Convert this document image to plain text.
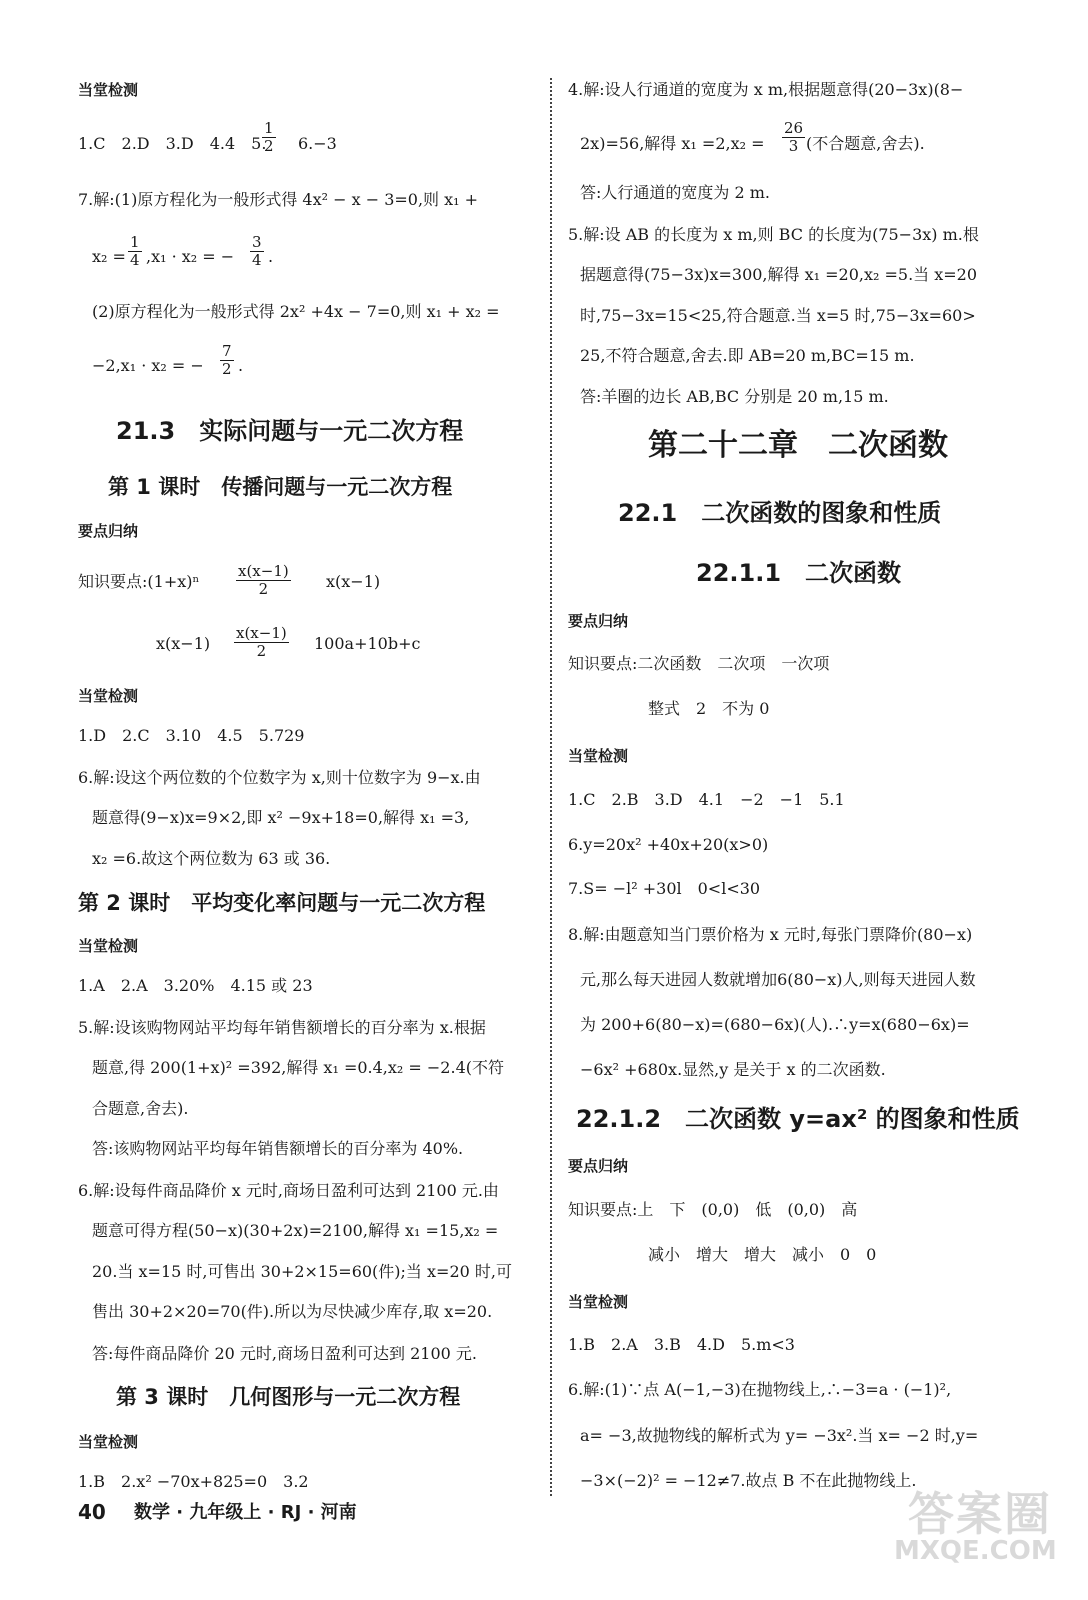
当堂检测
1.C　2.D　3.D　4.4　5.
$\frac{1}{2} 6.-3$
7.解:(1)原方程化为一般形式得 4x² − x − 3=0,则 x₁ +
$x_2 = \frac{1}{4} ,x_1 \cdot x_2$ = − $\frac{3}{4}$ .
(2)原方程化为一般形式得 2x² +4x − 7=0,则 x₁ + x₂ =
−2,x₁ · x₂ = − $\frac{7}{2}$ .
21.3　实际问题与一元二次方程
第 1 课时　传播问题与一元二次方程
要点归纳
知识要点:(1+x)ⁿ $\frac{x(x-1)}{2} x(x-1)$
$x(x-1) \frac{x(x-1)}{2} 100a+10b+c$
当堂检测
1.D　2.C　3.10　4.5　5.729
6.解:设这个两位数的个位数字为 x,则十位数字为 9−x.由
题意得(9−x)x=9×2,即 x² −9x+18=0,解得 x₁ =3,
x₂ =6.故这个两位数为 63 或 36.
第 2 课时　平均变化率问题与一元二次方程
当堂检测
1.A　2.A　3.20%　4.15 或 23
5.解:设该购物网站平均每年销售额增长的百分率为 x.根据
题意,得 200(1+x)² =392,解得 x₁ =0.4,x₂ = −2.4(不符
合题意,舍去).
答:该购物网站平均每年销售额增长的百分率为 40%.
6.解:设每件商品降价 x 元时,商场日盈利可达到 2100 元.由
题意可得方程(50−x)(30+2x)=2100,解得 x₁ =15,x₂ =
20.当 x=15 时,可售出 30+2×15=60(件);当 x=20 时,可
售出 30+2×20=70(件).所以为尽快减少库存,取 x=20.
答:每件商品降价 20 元时,商场日盈利可达到 2100 元.
第 3 课时　几何图形与一元二次方程
当堂检测
1.B　2.x² −70x+825=0　3.2
4.解:设人行通道的宽度为 x m,根据题意得(20−3x)(8−
2x)=56,解得 $x_1 =2,x_2 = \frac{26}{3}$ (不合题意,舍去).
答:人行通道的宽度为 2 m.
5.解:设 AB 的长度为 x m,则 BC 的长度为(75−3x) m.根
据题意得(75−3x)x=300,解得 x₁ =20,x₂ =5.当 x=20
时,75−3x=15<25,符合题意.当 x=5 时,75−3x=60>
25,不符合题意,舍去.即 AB=20 m,BC=15 m.
答:羊圈的边长 AB,BC 分别是 20 m,15 m.
第二十二章　二次函数
22.1　二次函数的图象和性质
22.1.1　二次函数
要点归纳
知识要点:二次函数　二次项　一次项
整式　2　不为 0
当堂检测
1.C　2.B　3.D　4.1　−2　−1　5.1
6.y=20x² +40x+20(x>0)
7.S= −l² +30l　0<l<30
8.解:由题意知当门票价格为 x 元时,每张门票降价(80−x)
元,那么每天进园人数就增加6(80−x)人,则每天进园人数
为 200+6(80−x)=(680−6x)(人).∴y=x(680−6x)=
−6x² +680x.显然,y 是关于 x 的二次函数.
22.1.2　二次函数 y=ax² 的图象和性质
要点归纳
知识要点:上　下　(0,0)　低　(0,0)　高
减小　增大　增大　减小　0　0
当堂检测
1.B　2.A　3.B　4.D　5.m<3
6.解:(1)∵点 A(−1,−3)在抛物线上,∴−3=a · (−1)²,
a= −3,故抛物线的解析式为 y= −3x².当 x= −2 时,y=
−3×(−2)² = −12≠7.故点 B 不在此抛物线上.
40 数学 · 九年级上 · RJ · 河南	答案圈
MXQE.COM
